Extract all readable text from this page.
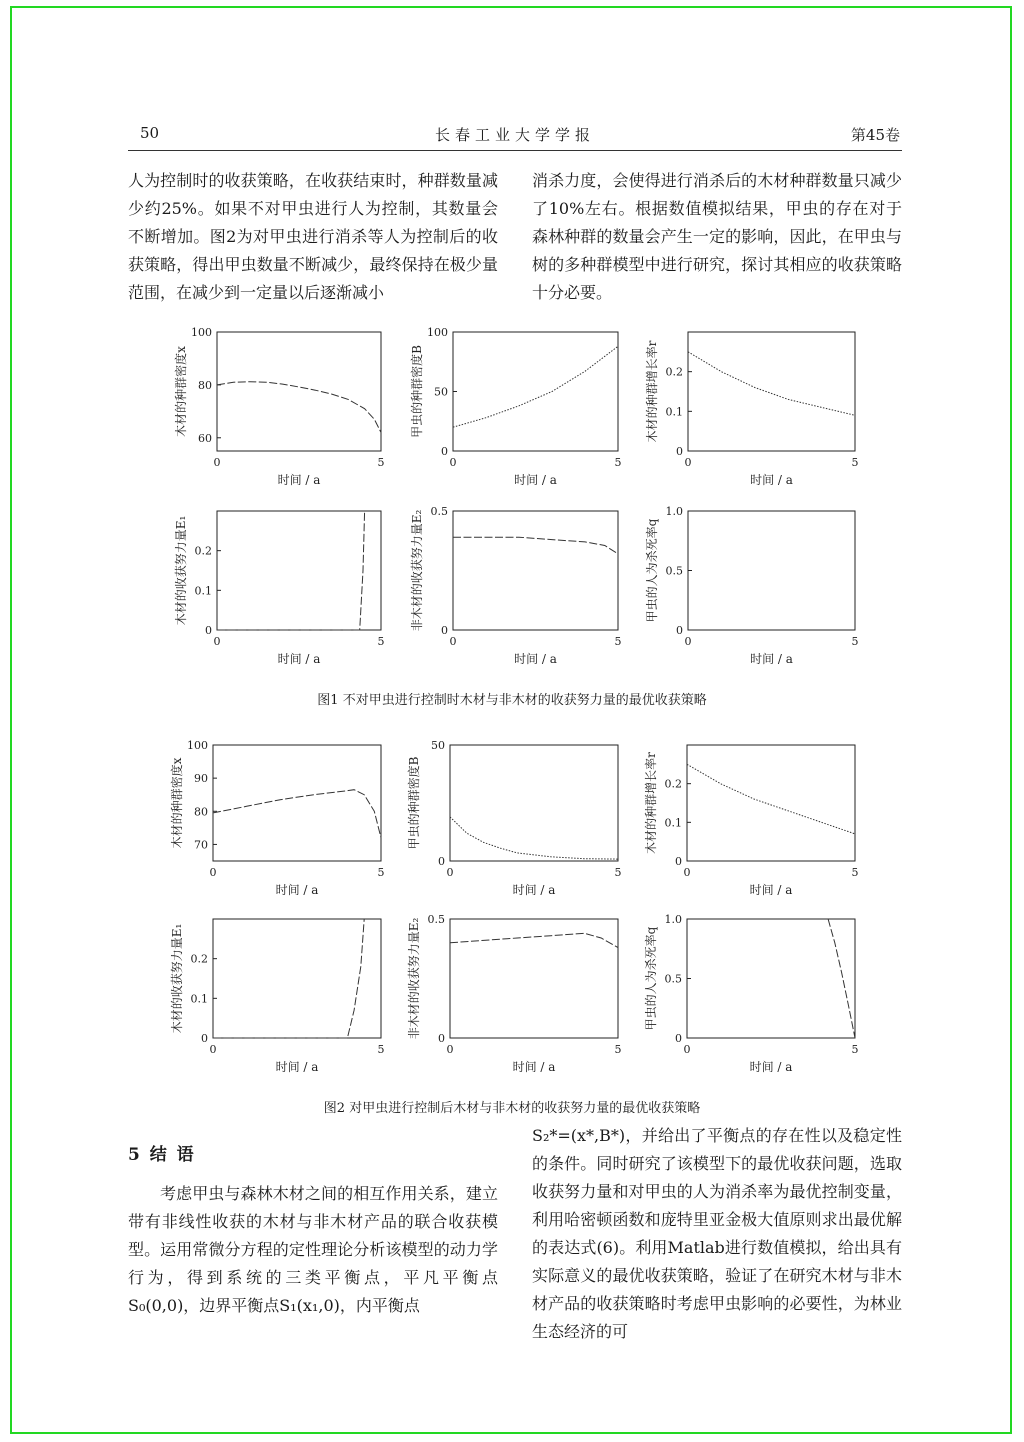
50	长春工业大学学报	第45卷

人为控制时的收获策略，在收获结束时，种群数量减少约25%。如果不对甲虫进行人为控制，其数量会不断增加。图2为对甲虫进行消杀等人为控制后的收获策略，得出甲虫数量不断减少，最终保持在极少量范围，在减少到一定量以后逐渐减小

消杀力度，会使得进行消杀后的木材种群数量只减少了10%左右。根据数值模拟结果，甲虫的存在对于森林种群的数量会产生一定的影响，因此，在甲虫与树的多种群模型中进行研究，探讨其相应的收获策略十分必要。

60
80
100
0	5
时间 / a
木材的种群密度x
0
50
100
0	5
时间 / a
甲虫的种群密度B
0
0.1
0.2
0	5
时间 / a
木材的种群增长率r
0
0.1
0.2
0	5
时间 / a
木材的收获努力量E₁
0
0.5
0	5
时间 / a
非木材的收获努力量E₂	0
0.5
1.0
0	5
时间 / a
甲虫的人为杀死率q
70
80
90
100
0	5
时间 / a
木材的种群密度x
0
50
0	5
时间 / a
甲虫的种群密度B
0
0.1
0.2
0	5
时间 / a
木材的种群增长率r
0
0.1
0.2
0	5
时间 / a
木材的收获努力量E₁
0
0.5
0	5
时间 / a
非木材的收获努力量E₂	0
0.5
1.0
0	5
时间 / a
甲虫的人为杀死率q
图1 不对甲虫进行控制时木材与非木材的收获努力量的最优收获策略
图2 对甲虫进行控制后木材与非木材的收获努力量的最优收获策略
5 结 语

考虑甲虫与森林木材之间的相互作用关系，建立带有非线性收获的木材与非木材产品的联合收获模型。运用常微分方程的定性理论分析该模型的动力学行为，得到系统的三类平衡点，平凡平衡点S₀(0,0)，边界平衡点S₁(x₁,0)，内平衡点

S₂*=(x*,B*)，并给出了平衡点的存在性以及稳定性的条件。同时研究了该模型下的最优收获问题，选取收获努力量和对甲虫的人为消杀率为最优控制变量，利用哈密顿函数和庞特里亚金极大值原则求出最优解的表达式(6)。利用Matlab进行数值模拟，给出具有实际意义的最优收获策略，验证了在研究木材与非木材产品的收获策略时考虑甲虫影响的必要性，为林业生态经济的可
